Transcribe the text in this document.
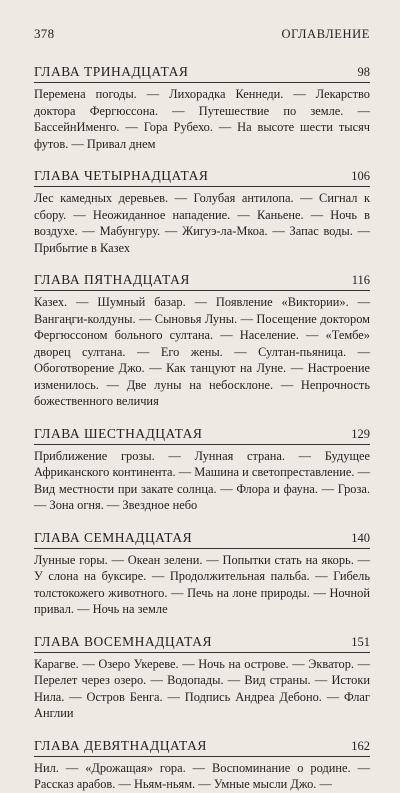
378	ОГЛАВЛЕНИЕ
ГЛАВА ТРИНАДЦАТАЯ	98

Перемена погоды. — Лихорадка Кеннеди. — Лекарство доктора Фергюссона. — Путешествие по земле. — БассейнИменго. — Гора Рубехо. — На высоте шести тысяч футов. — Привал днем

ГЛАВА ЧЕТЫРНАДЦАТАЯ	106

Лес камедных деревьев. — Голубая антилопа. — Сигнал к сбору. — Неожиданное нападение. — Каньене. — Ночь в воздухе. — Мабунгуру. — Жигуэ-ла-Мкоа. — Запас воды. — Прибытие в Казех

ГЛАВА ПЯТНАДЦАТАЯ	116

Казех. — Шумный базар. — Появление «Виктории». — Вангаңги-колдуны. — Сыновья Луны. — Посещение доктором Фергюссоном больного султана. — Население. — «Тембе» дворец султана. — Его жены. — Султан-пьяница. — Обоготворение Джо. — Как танцуют на Луне. — Настроение изменилось. — Две луны на небосклоне. — Непрочность божественного величия

ГЛАВА ШЕСТНАДЦАТАЯ	129

Приближение грозы. — Лунная страна. — Будущее Африканского континента. — Машина и светопреставление. — Вид местности при закате солнца. — Флора и фауна. — Гроза. — Зона огня. — Звездное небо

ГЛАВА СЕМНАДЦАТАЯ	140

Лунные горы. — Океан зелени. — Попытки стать на якорь. — У слона на буксире. — Продолжительная пальба. — Гибель толстокожего животного. — Печь на лоне природы. — Ночной привал. — Ночь на земле

ГЛАВА ВОСЕМНАДЦАТАЯ	151

Карагве. — Озеро Укереве. — Ночь на острове. — Экватор. — Перелет через озеро. — Водопады. — Вид страны. — Истоки Нила. — Остров Бенга. — Подпись Андреа Дебоно. — Флаг Англии

ГЛАВА ДЕВЯТНАДЦАТАЯ	162

Нил. — «Дрожащая» гора. — Воспоминание о родине. — Рассказ арабов. — Ньям-ньям. — Умные мысли Джо. —
